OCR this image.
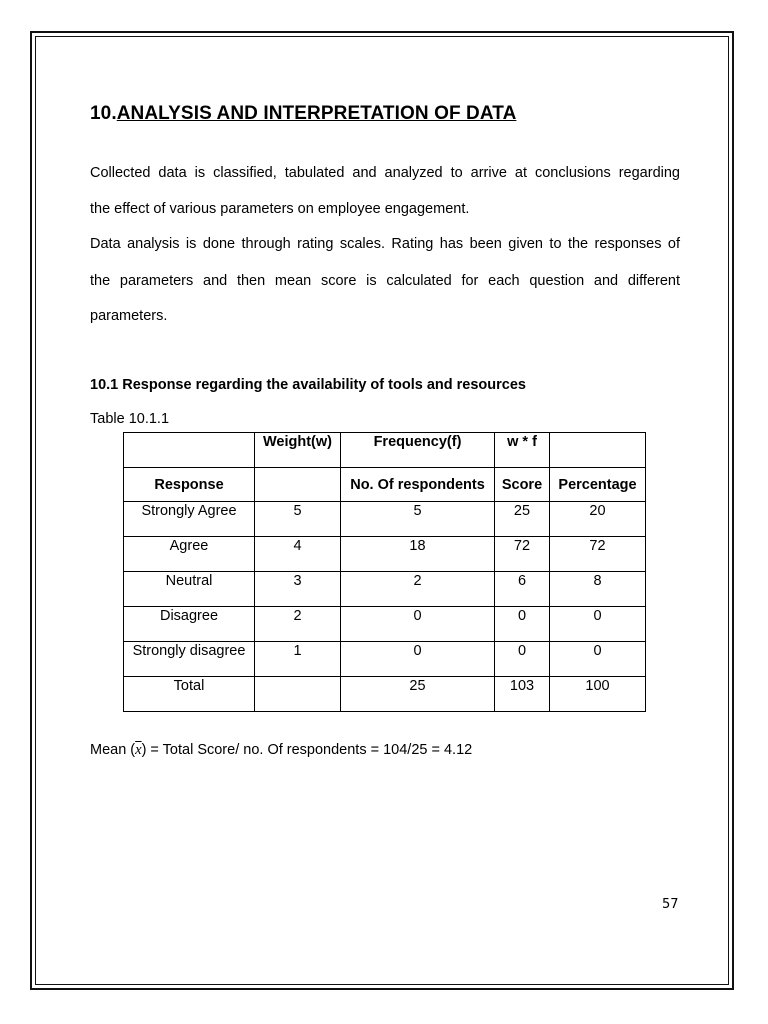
10.ANALYSIS AND INTERPRETATION OF DATA

Collected data is classified, tabulated and analyzed to arrive at conclusions regarding

the effect of various parameters on employee engagement.

Data analysis is done through rating scales. Rating has been given to the responses of

the parameters and then mean score is calculated for each question and different

parameters.

10.1 Response regarding the availability of tools and resources

Table 10.1.1

	Weight(w)	Frequency(f)	w * f	
Response		No. Of respondents	Score	Percentage
Strongly Agree	5	5	25	20
Agree	4	18	72	72
Neutral	3	2	6	8
Disagree	2	0	0	0
Strongly disagree	1	0	0	0
Total		25	103	100

Mean $(\overline{x})$ = Total Score/ no. Of respondents = 104/25 = 4.12

57
